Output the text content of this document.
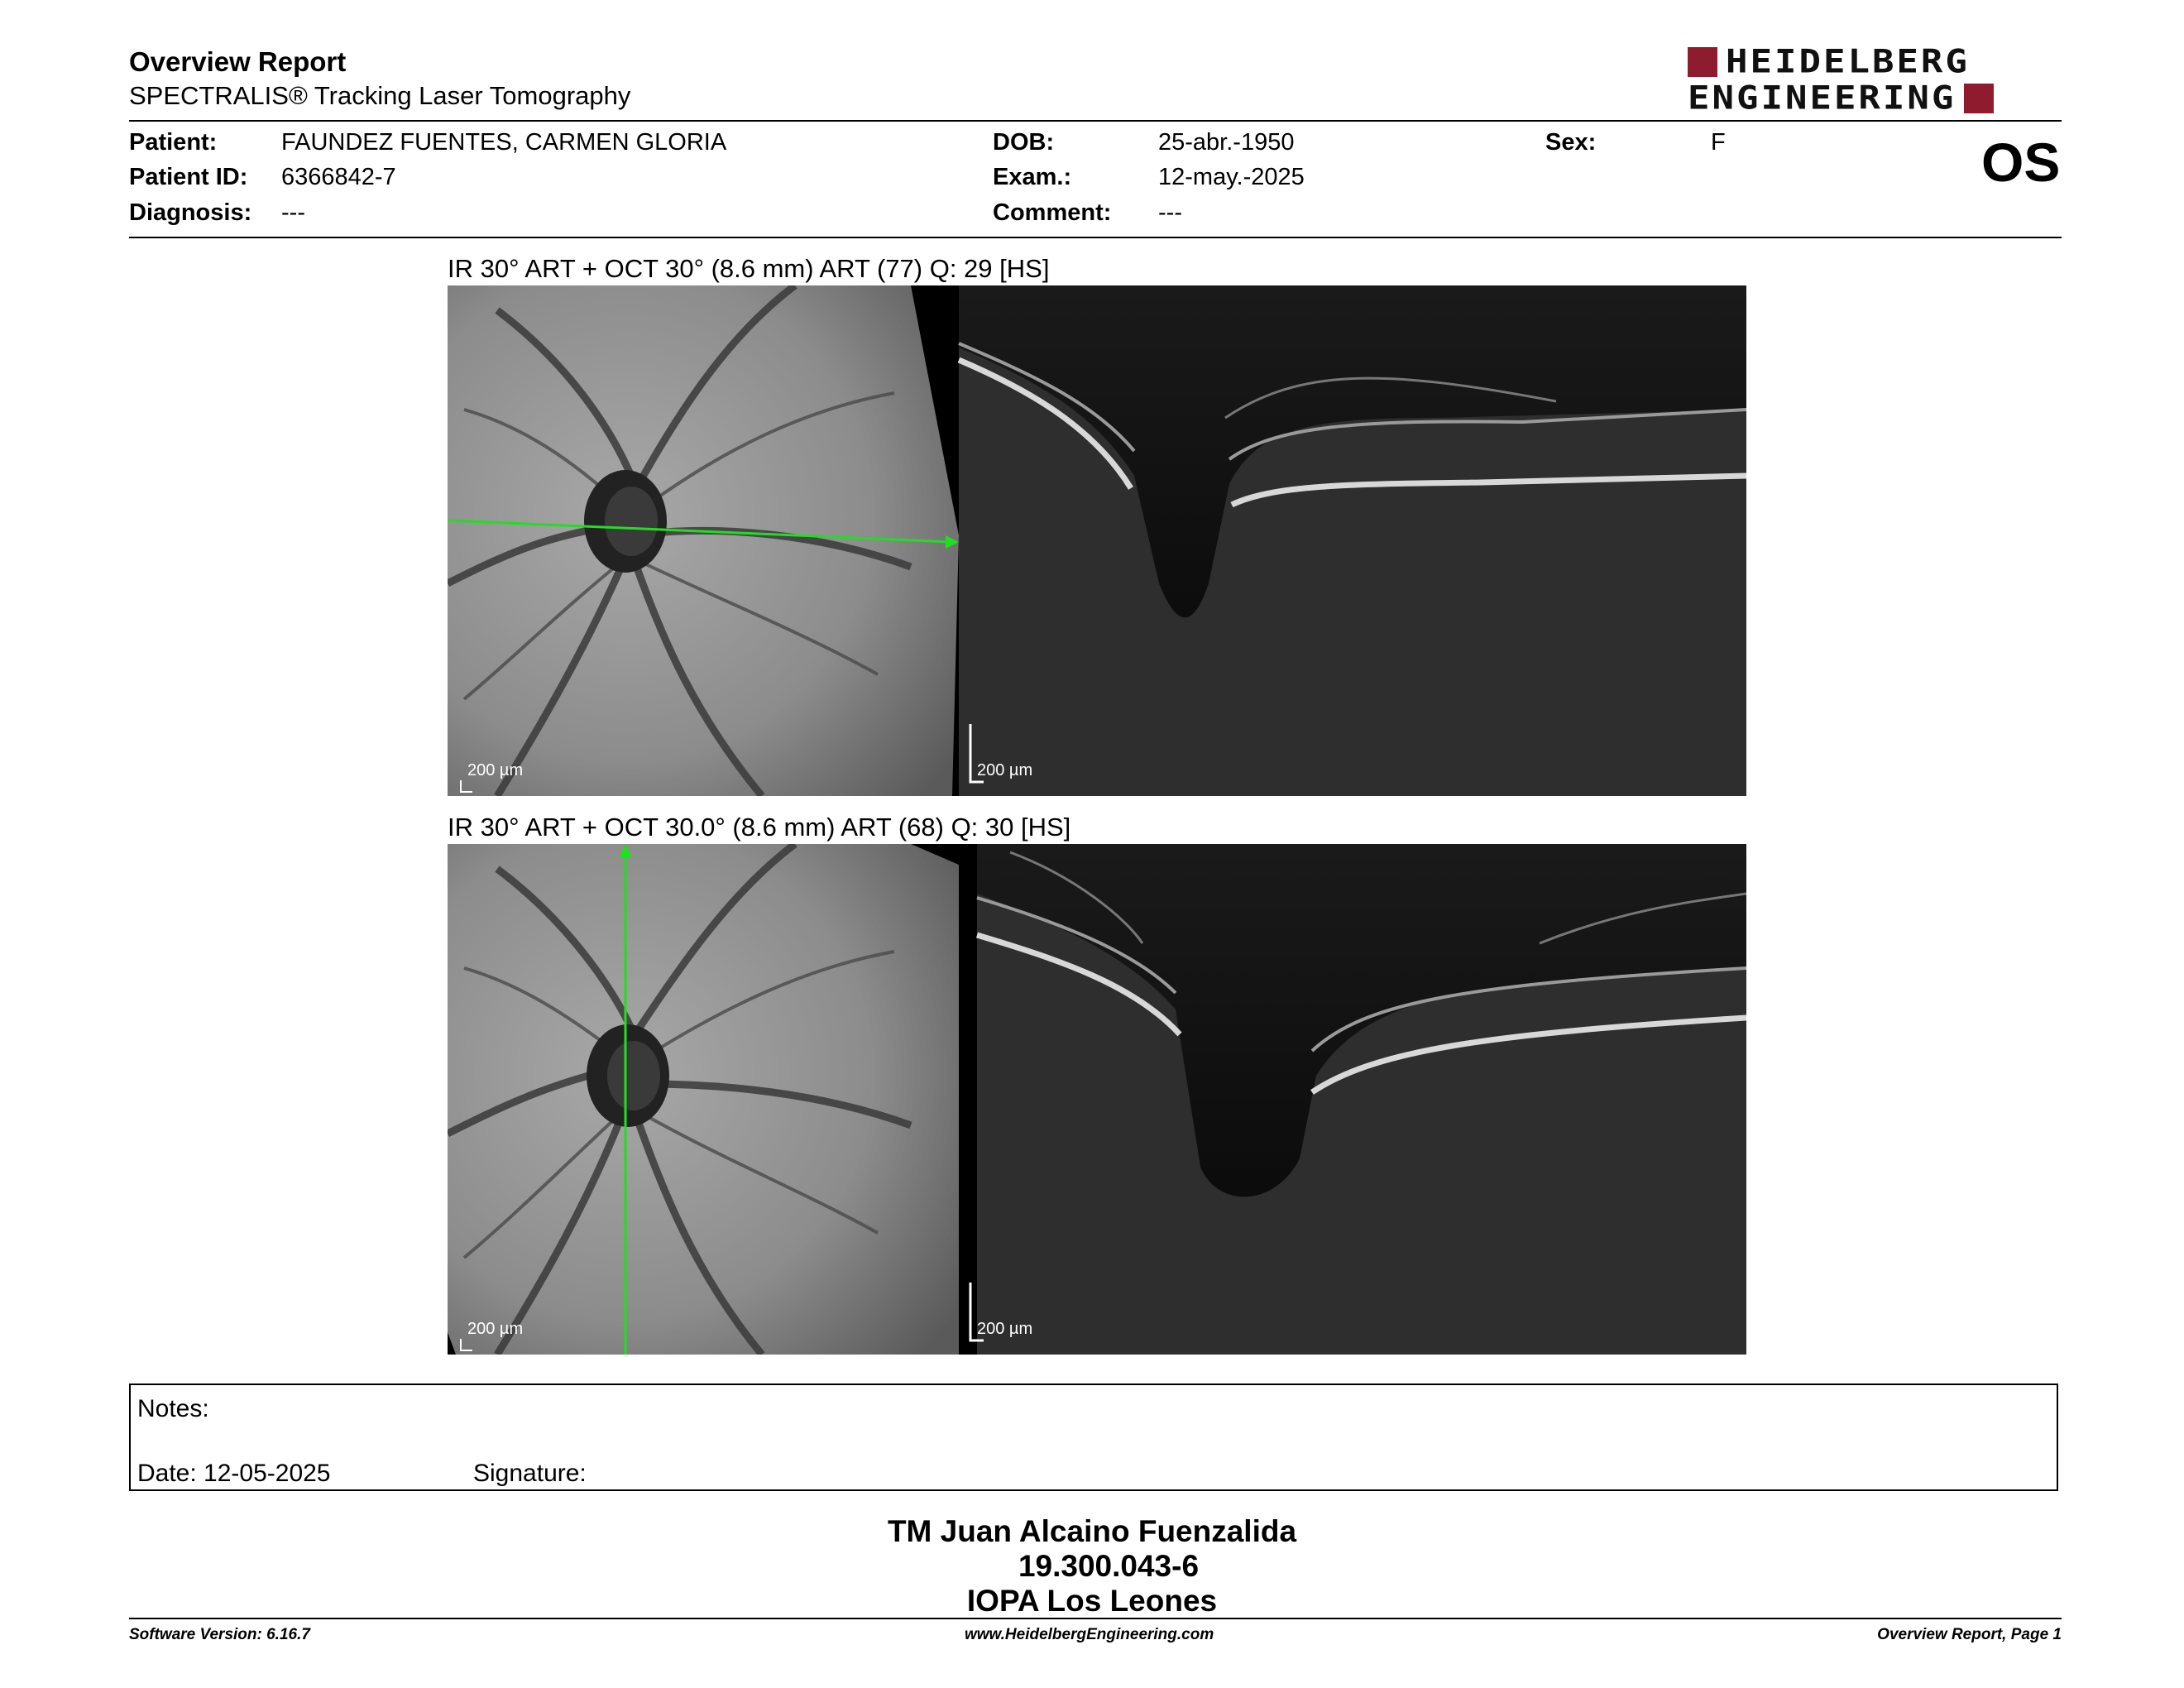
Overview Report
SPECTRALIS® Tracking Laser Tomography
HEIDELBERG
ENGINEERING
Patient:	FAUNDEZ FUENTES, CARMEN GLORIA
Patient ID: 6366842-7
Diagnosis: ---
DOB:	25-abr.-1950
Exam.:	12-may.-2025
Comment: ---
Sex:	F	OS
IR 30° ART + OCT 30° (8.6 mm) ART (77) Q: 29 [HS]
200 µm	200 µm
IR 30° ART + OCT 30.0° (8.6 mm) ART (68) Q: 30 [HS]
200 µm	200 µm
Notes:
Date: 12-05-2025	Signature:
TM Juan Alcaino Fuenzalida
19.300.043-6
IOPA Los Leones
Software Version: 6.16.7	www.HeidelbergEngineering.com	Overview Report, Page 1
